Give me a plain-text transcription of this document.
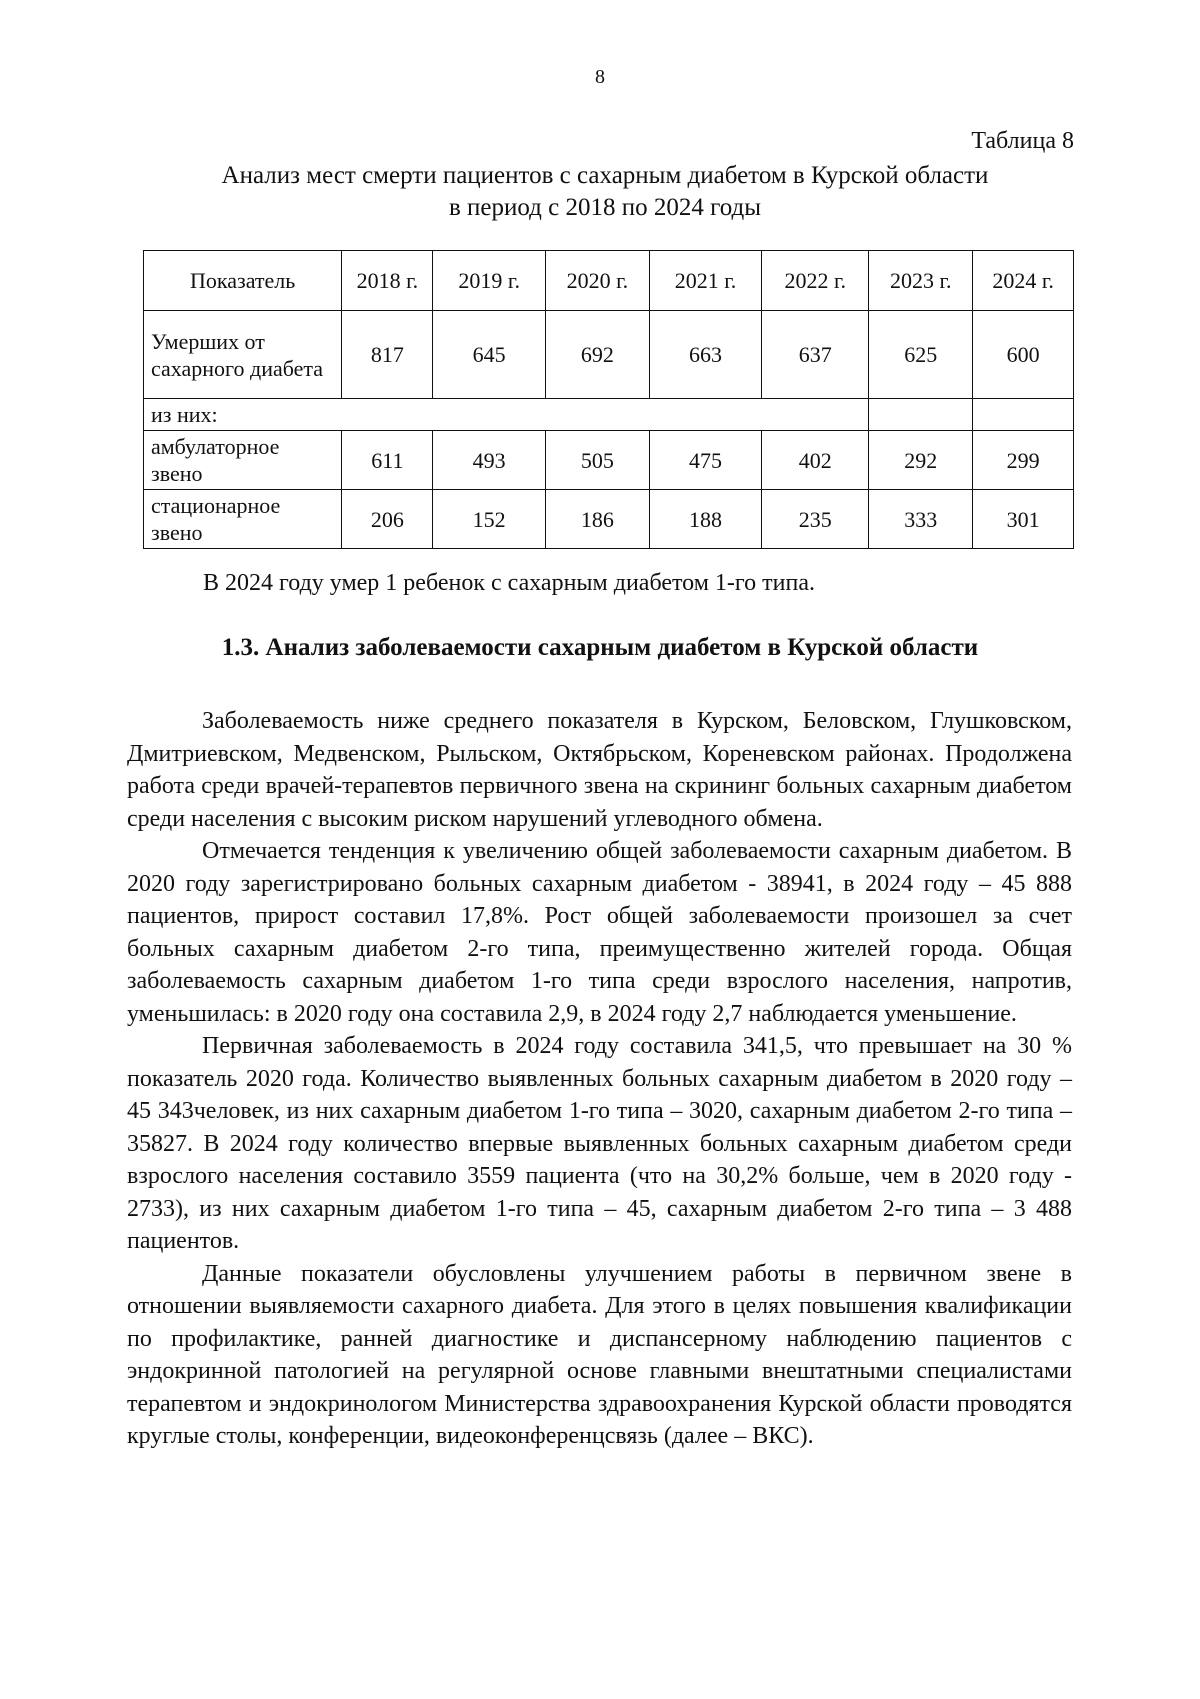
8
Таблица 8
Анализ мест смерти пациентов с сахарным диабетом в Курской области
в период с 2018 по 2024 годы
Показатель	2018 г.	2019 г.	2020 г.	2021 г.	2022 г.	2023 г.	2024 г.
Умерших от сахарного диабета	817	645	692	663	637	625	600
из них:							
амбулаторное звено	611	493	505	475	402	292	299
стационарное звено	206	152	186	188	235	333	301
В 2024 году умер 1 ребенок с сахарным диабетом 1-го типа.
1.3. Анализ заболеваемости сахарным диабетом в Курской области

Заболеваемость ниже среднего показателя в Курском, Беловском, Глушковском, Дмитриевском, Медвенском, Рыльском, Октябрьском, Кореневском районах. Продолжена работа среди врачей-терапевтов первичного звена на скрининг больных сахарным диабетом среди населения с высоким риском нарушений углеводного обмена.

Отмечается тенденция к увеличению общей заболеваемости сахарным диабетом. В 2020 году зарегистрировано больных сахарным диабетом - 38941, в 2024 году – 45 888 пациентов, прирост составил 17,8%. Рост общей заболеваемости произошел за счет больных сахарным диабетом 2-го типа, преимущественно жителей города. Общая заболеваемость сахарным диабетом 1-го типа среди взрослого населения, напротив, уменьшилась: в 2020 году она составила 2,9, в 2024 году 2,7 наблюдается уменьшение.

Первичная заболеваемость в 2024 году составила 341,5, что превышает на 30 % показатель 2020 года. Количество выявленных больных сахарным диабетом в 2020 году – 45 343человек, из них сахарным диабетом 1-го типа – 3020, сахарным диабетом 2-го типа – 35827. В 2024 году количество впервые выявленных больных сахарным диабетом среди взрослого населения составило 3559 пациента (что на 30,2% больше, чем в 2020 году - 2733), из них сахарным диабетом 1-го типа – 45, сахарным диабетом 2-го типа – 3 488 пациентов.

Данные показатели обусловлены улучшением работы в первичном звене в отношении выявляемости сахарного диабета. Для этого в целях повышения квалификации по профилактике, ранней диагностике и диспансерному наблюдению пациентов с эндокринной патологией на регулярной основе главными внештатными специалистами терапевтом и эндокринологом Министерства здравоохранения Курской области проводятся круглые столы, конференции, видеоконференцсвязь (далее – ВКС).
